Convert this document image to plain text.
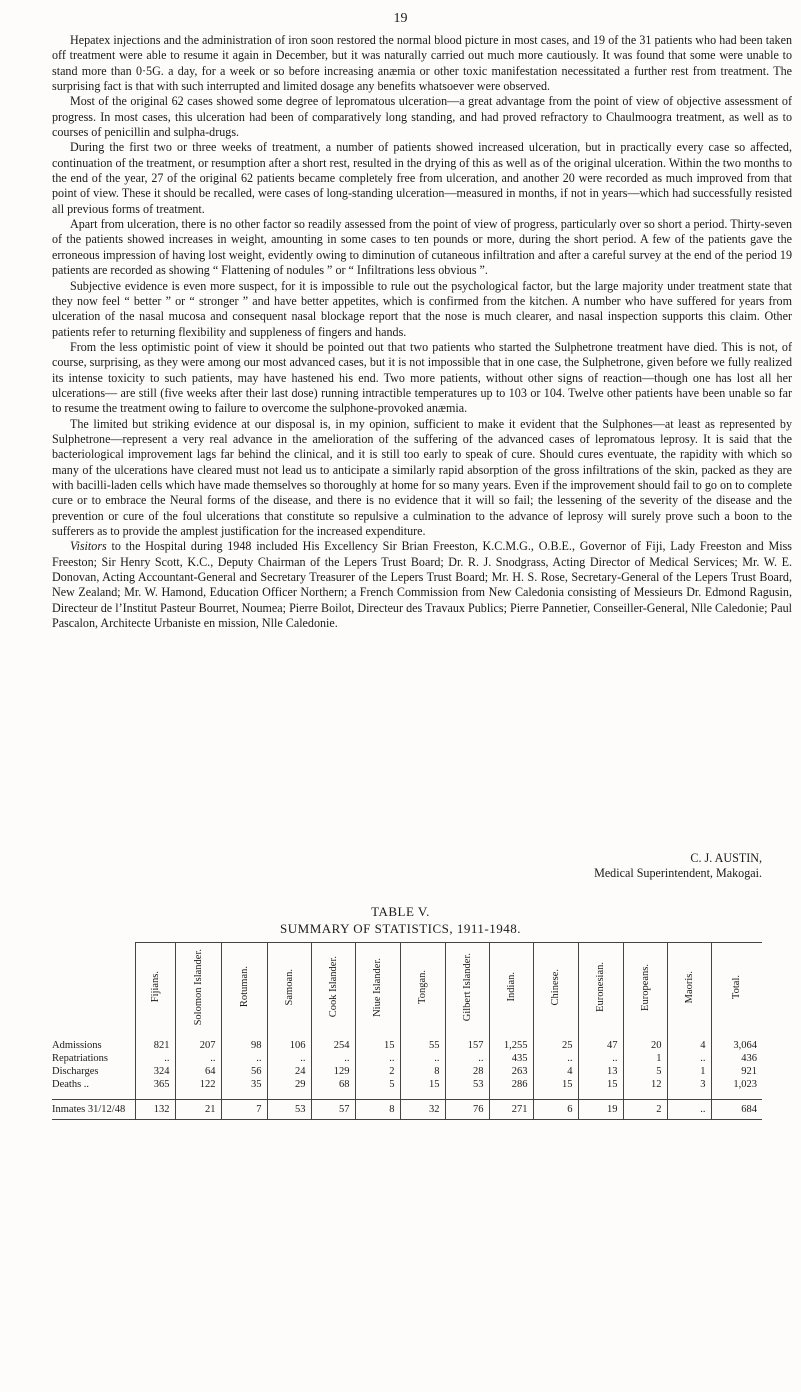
19

Hepatex injections and the administration of iron soon restored the normal blood picture in most cases, and 19 of the 31 patients who had been taken off treatment were able to resume it again in December, but it was naturally carried out much more cautiously. It was found that some were unable to stand more than 0·5G. a day, for a week or so before increasing anæmia or other toxic manifestation necessitated a further rest from treatment. The surprising fact is that with such interrupted and limited dosage any benefits whatsoever were observed.

Most of the original 62 cases showed some degree of lepromatous ulceration—a great advantage from the point of view of objective assessment of progress. In most cases, this ulceration had been of comparatively long standing, and had proved refractory to Chaulmoogra treatment, as well as to courses of penicillin and sulpha-drugs.

During the first two or three weeks of treatment, a number of patients showed increased ulceration, but in practically every case so affected, continuation of the treatment, or resumption after a short rest, resulted in the drying of this as well as of the original ulceration. Within the two months to the end of the year, 27 of the original 62 patients became completely free from ulceration, and another 20 were recorded as much improved from that point of view. These it should be recalled, were cases of long-standing ulceration—measured in months, if not in years—which had successfully resisted all previous forms of treatment.

Apart from ulceration, there is no other factor so readily assessed from the point of view of progress, particularly over so short a period. Thirty-seven of the patients showed increases in weight, amounting in some cases to ten pounds or more, during the short period. A few of the patients gave the erroneous impression of having lost weight, evidently owing to diminution of cutaneous infiltration and after a careful survey at the end of the period 19 patients are recorded as showing “ Flattening of nodules ” or “ Infiltrations less obvious ”.

Subjective evidence is even more suspect, for it is impossible to rule out the psychological factor, but the large majority under treatment state that they now feel “ better ” or “ stronger ” and have better appetites, which is confirmed from the kitchen. A number who have suffered for years from ulceration of the nasal mucosa and consequent nasal blockage report that the nose is much clearer, and nasal inspection supports this claim. Other patients refer to returning flexibility and suppleness of fingers and hands.

From the less optimistic point of view it should be pointed out that two patients who started the Sulphetrone treatment have died. This is not, of course, surprising, as they were among our most advanced cases, but it is not impossible that in one case, the Sulphetrone, given before we fully realized its intense toxicity to such patients, may have hastened his end. Two more patients, without other signs of reaction—though one has lost all her ulcerations— are still (five weeks after their last dose) running intractible temperatures up to 103 or 104. Twelve other patients have been unable so far to resume the treatment owing to failure to overcome the sulphone-provoked anæmia.

The limited but striking evidence at our disposal is, in my opinion, sufficient to make it evident that the Sulphones—at least as represented by Sulphetrone—represent a very real advance in the amelioration of the suffering of the advanced cases of lepromatous leprosy. It is said that the bacteriological improvement lags far behind the clinical, and it is still too early to speak of cure. Should cures eventuate, the rapidity with which so many of the ulcerations have cleared must not lead us to anticipate a similarly rapid absorption of the gross infiltrations of the skin, packed as they are with bacilli-laden cells which have made themselves so thoroughly at home for so many years. Even if the improvement should fail to go on to complete cure or to embrace the Neural forms of the disease, and there is no evidence that it will so fail; the lessening of the severity of the disease and the prevention or cure of the foul ulcerations that constitute so repulsive a culmination to the advance of leprosy will surely prove such a boon to the sufferers as to provide the amplest justification for the increased expenditure.

Visitors to the Hospital during 1948 included His Excellency Sir Brian Freeston, K.C.M.G., O.B.E., Governor of Fiji, Lady Freeston and Miss Freeston; Sir Henry Scott, K.C., Deputy Chairman of the Lepers Trust Board; Dr. R. J. Snodgrass, Acting Director of Medical Services; Mr. W. E. Donovan, Acting Accountant-General and Secretary Treasurer of the Lepers Trust Board; Mr. H. S. Rose, Secretary-General of the Lepers Trust Board, New Zealand; Mr. W. Hamond, Education Officer Northern; a French Commission from New Caledonia consisting of Messieurs Dr. Edmond Ragusin, Directeur de l’Institut Pasteur Bourret, Noumea; Pierre Boilot, Directeur des Travaux Publics; Pierre Pannetier, Conseiller-General, Nlle Caledonie; Paul Pascalon, Architecte Urbaniste en mission, Nlle Caledonie.

C. J. AUSTIN,
Medical Superintendent, Makogai.
TABLE V.
SUMMARY OF STATISTICS, 1911-1948.

	Fijians.	Solomon Islander.	Rotuman.	Samoan.	Cook Islander.	Niue Islander.	Tongan.	Gilbert Islander.	Indian.	Chinese.	Euronesian.	Europeans.	Maoris.	Total.

Admissions	821	207	98	106	254	15	55	157	1,255	25	47	20	4	3,064
Repatriations	..	..	..	..	..	..	..	..	435	..	..	1	..	436
Discharges	324	64	56	24	129	2	8	28	263	4	13	5	1	921
Deaths ..	365	122	35	29	68	5	15	53	286	15	15	12	3	1,023

Inmates 31/12/48	132	21	7	53	57	8	32	76	271	6	19	2	..	684
